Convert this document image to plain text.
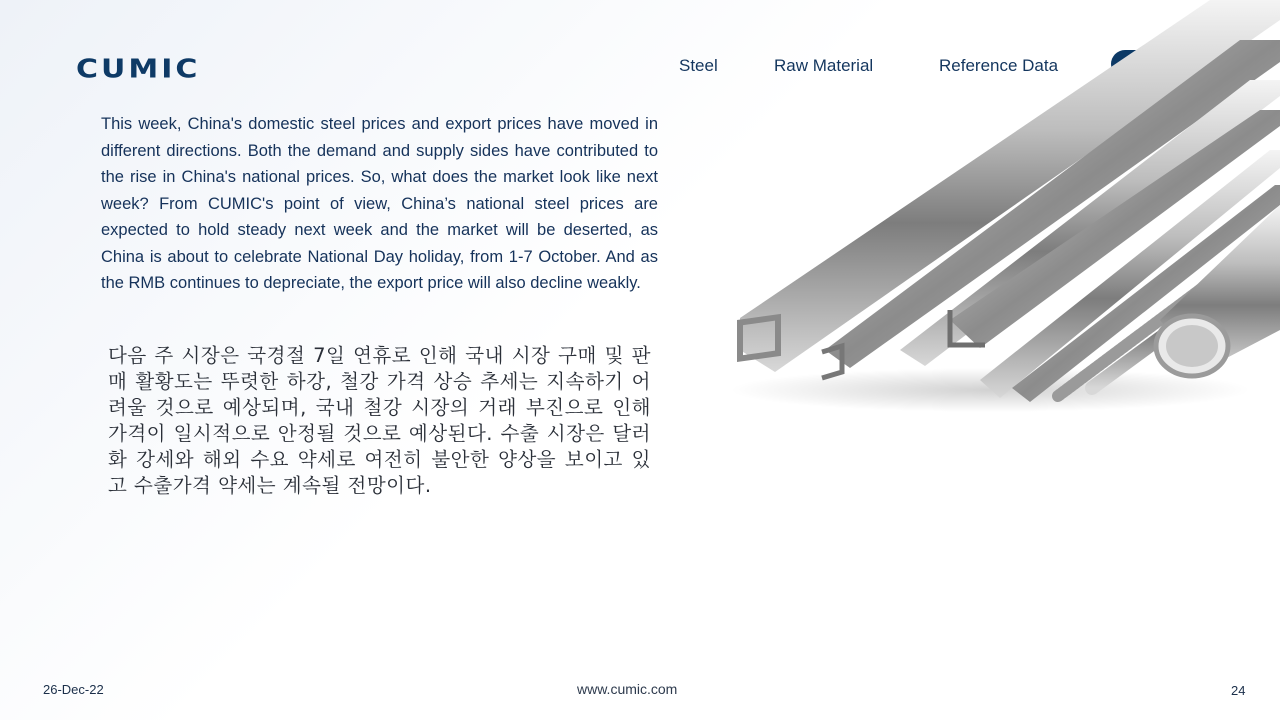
CUMIC	Steel	Raw Material	Reference Data

This week, China's domestic steel prices and export prices have moved in different directions. Both the demand and supply sides have contributed to the rise in China's national prices. So, what does the market look like next week? From CUMIC's point of view, China’s national steel prices are expected to hold steady next week and the market will be deserted, as China is about to celebrate National Day holiday, from 1-7 October. And as the RMB continues to depreciate, the export price will also decline weakly.

다음 주 시장은 국경절 7일 연휴로 인해 국내 시장 구매 및 판매 활황도는 뚜렷한 하강, 철강 가격 상승 추세는 지속하기 어려울 것으로 예상되며, 국내 철강 시장의 거래 부진으로 인해 가격이 일시적으로 안정될 것으로 예상된다. 수출 시장은 달러화 강세와 해외 수요 약세로 여전히 불안한 양상을 보이고 있고 수출가격 약세는 계속될 전망이다.

26-Dec-22	www.cumic.com	24
